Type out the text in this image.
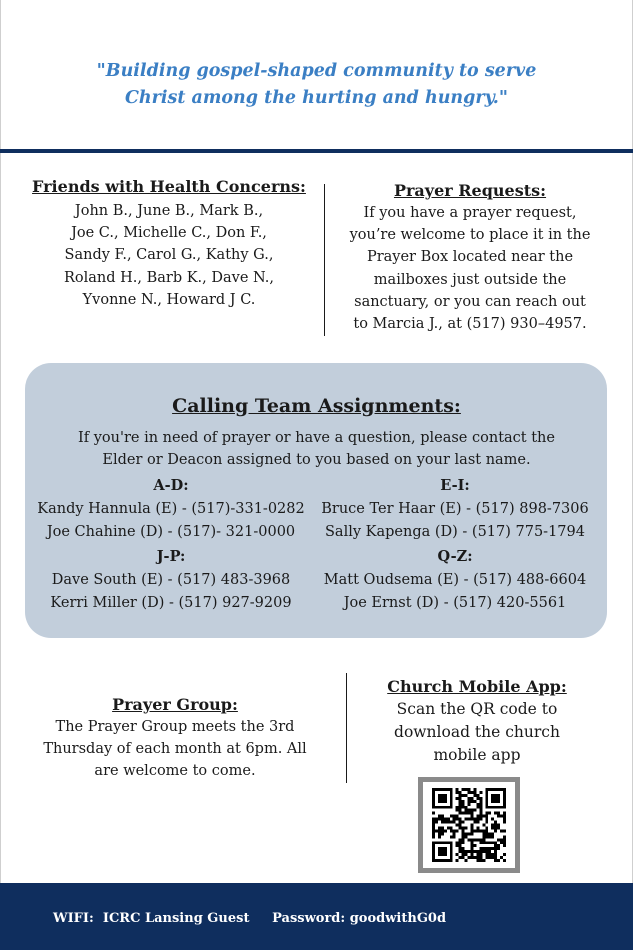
"Building gospel-shaped community to serve
Christ among the hurting and hungry."
Friends with Health Concerns:
John B., June B., Mark B.,
Joe C., Michelle C., Don F.,
Sandy F., Carol G., Kathy G.,
Roland H., Barb K., Dave N.,
Yvonne N., Howard J C.
Prayer Requests:
If you have a prayer request,
you’re welcome to place it in the
Prayer Box located near the
mailboxes just outside the
sanctuary, or you can reach out
to Marcia J., at (517) 930–4957.
Calling Team Assignments:
If you're in need of prayer or have a question, please contact the
Elder or Deacon assigned to you based on your last name.
A-D:
Kandy Hannula (E) - (517)-331-0282
Joe Chahine (D) - (517)- 321-0000
E-I:
Bruce Ter Haar (E) - (517) 898-7306
Sally Kapenga (D) - (517) 775-1794
J-P:
Dave South (E) - (517) 483-3968
Kerri Miller (D) - (517) 927-9209
Q-Z:
Matt Oudsema (E) - (517) 488-6604
Joe Ernst (D) - (517) 420-5561
Prayer Group:
The Prayer Group meets the 3rd
Thursday of each month at 6pm. All
are welcome to come.
Church Mobile App:
Scan the QR code to
download the church
mobile app
WIFI: ICRC Lansing Guest Password: goodwithG0d
